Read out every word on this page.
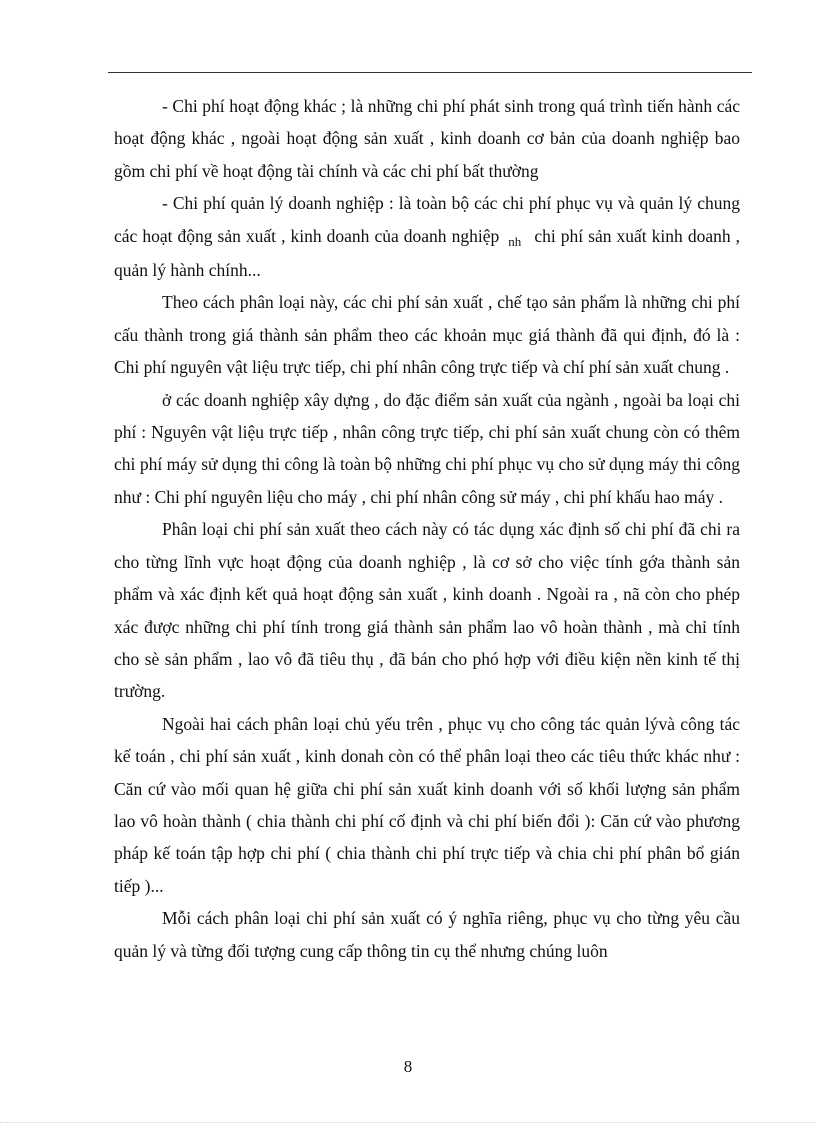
- Chi phí hoạt động khác ; là những chi phí phát sinh trong quá trình tiến hành các hoạt động khác , ngoài hoạt động sản xuất , kinh doanh cơ bản của doanh nghiệp bao gồm chi phí về hoạt động tài chính và các chi phí bất thường

- Chi phí quản lý doanh nghiệp : là toàn bộ các chi phí phục vụ và quản lý chung các hoạt động sản xuất , kinh doanh của doanh nghiệp $_{nh}$ chi phí sản xuất kinh doanh , quản lý hành chính...

Theo cách phân loại này, các chi phí sản xuất , chế tạo sản phẩm là những chi phí cấu thành trong giá thành sản phẩm theo các khoản mục giá thành đã qui định, đó là : Chi phí nguyên vật liệu trực tiếp, chi phí nhân công trực tiếp và chí phí sản xuất chung .

ở các doanh nghiệp xây dựng , do đặc điểm sản xuất của ngành , ngoài ba loại chi phí : Nguyên vật liệu trực tiếp , nhân công trực tiếp, chi phí sản xuất chung còn có thêm chi phí máy sử dụng thi công là toàn bộ những chi phí phục vụ cho sử dụng máy thi công như : Chi phí nguyên liệu cho máy , chi phí nhân công sử máy , chi phí khấu hao máy .

Phân loại chi phí sản xuất theo cách này có tác dụng xác định số chi phí đã chi ra cho từng lĩnh vực hoạt động của doanh nghiệp , là cơ sở cho việc tính gớa thành sản phẩm và xác định kết quả hoạt động sản xuất , kinh doanh . Ngoài ra , nã còn cho phép xác được những chi phí tính trong giá thành sản phẩm lao vô hoàn thành , mà chỉ tính cho sè sản phẩm , lao vô đã tiêu thụ , đã bán cho phó hợp với điều kiện nền kinh tế thị trường.

Ngoài hai cách phân loại chủ yếu trên , phục vụ cho công tác quản lývà công tác kế toán , chi phí sản xuất , kinh donah còn có thể phân loại theo các tiêu thức khác như : Căn cứ vào mối quan hệ giữa chi phí sản xuất kinh doanh với số khối lượng sản phẩm lao vô hoàn thành ( chia thành chi phí cố định và chi phí biến đổi ): Căn cứ vào phương pháp kế toán tập hợp chi phí ( chia thành chi phí trực tiếp và chia chi phí phân bổ gián tiếp )...

Mỗi cách phân loại chi phí sản xuất có ý nghĩa riêng, phục vụ cho từng yêu cầu quản lý và từng đối tượng cung cấp thông tin cụ thể nhưng chúng luôn

8
